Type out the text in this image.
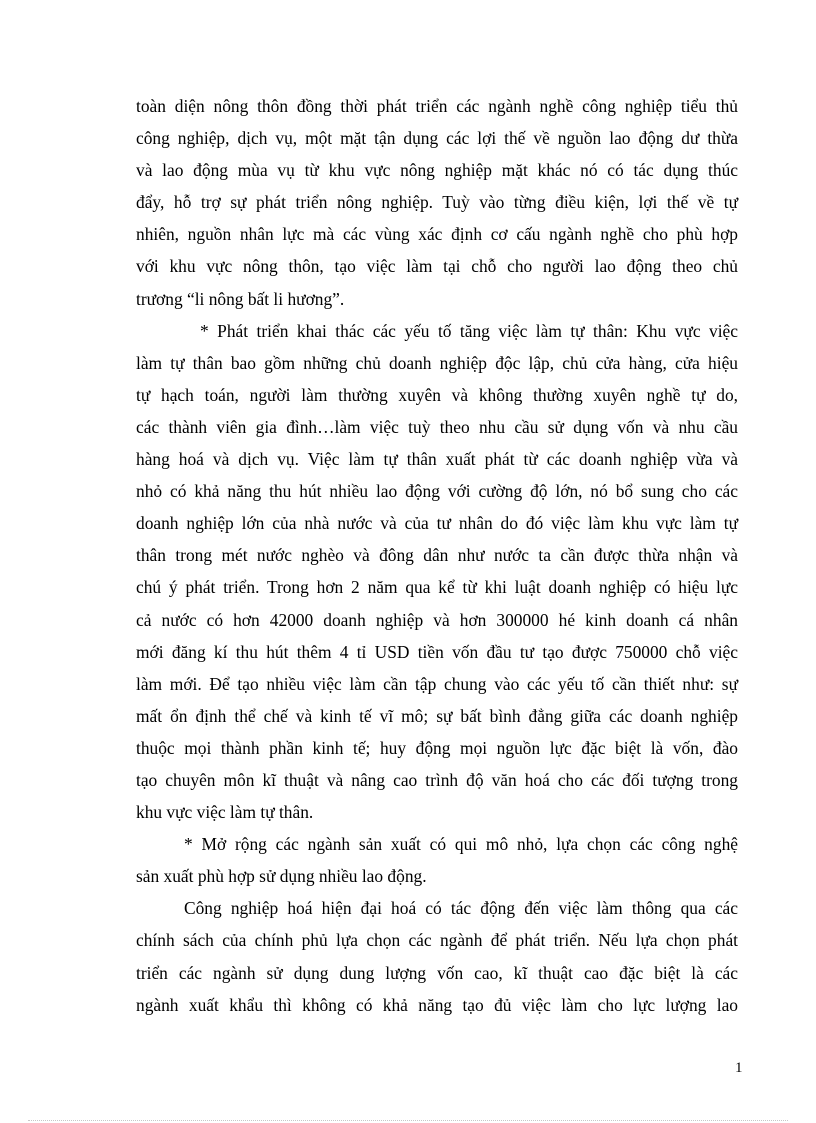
toàn diện nông thôn đồng thời phát triển các ngành nghề công nghiệp tiểu thủ
công nghiệp, dịch vụ, một mặt tận dụng các lợi thế về nguồn lao động dư thừa
và lao động mùa vụ từ khu vực nông nghiệp mặt khác nó có tác dụng thúc
đẩy, hỗ trợ sự phát triển nông nghiệp. Tuỳ vào từng điều kiện, lợi thế về tự
nhiên, nguồn nhân lực mà các vùng xác định cơ cấu ngành nghề cho phù hợp
với khu vực nông thôn, tạo việc làm tại chỗ cho người lao động theo chủ
trương “li nông bất li hương”.

* Phát triển khai thác các yếu tố tăng việc làm tự thân: Khu vực việc
làm tự thân bao gồm những chủ doanh nghiệp độc lập, chủ cửa hàng, cửa hiệu
tự hạch toán, người làm thường xuyên và không thường xuyên nghề tự do,
các thành viên gia đình…làm việc tuỳ theo nhu cầu sử dụng vốn và nhu cầu
hàng hoá và dịch vụ. Việc làm tự thân xuất phát từ các doanh nghiệp vừa và
nhỏ có khả năng thu hút nhiều lao động với cường độ lớn, nó bổ sung cho các
doanh nghiệp lớn của nhà nước và của tư nhân do đó việc làm khu vực làm tự
thân trong mét nước nghèo và đông dân như nước ta cần được thừa nhận và
chú ý phát triển. Trong hơn 2 năm qua kể từ khi luật doanh nghiệp có hiệu lực
cả nước có hơn 42000 doanh nghiệp và hơn 300000 hé kinh doanh cá nhân
mới đăng kí thu hút thêm 4 tỉ USD tiền vốn đầu tư tạo được 750000 chỗ việc
làm mới. Để tạo nhiều việc làm cần tập chung vào các yếu tố cần thiết như: sự
mất ổn định thể chế và kinh tế vĩ mô; sự bất bình đẳng giữa các doanh nghiệp
thuộc mọi thành phần kinh tế; huy động mọi nguồn lực đặc biệt là vốn, đào
tạo chuyên môn kĩ thuật và nâng cao trình độ văn hoá cho các đối tượng trong
khu vực việc làm tự thân.

* Mở rộng các ngành sản xuất có qui mô nhỏ, lựa chọn các công nghệ
sản xuất phù hợp sử dụng nhiều lao động.

Công nghiệp hoá hiện đại hoá có tác động đến việc làm thông qua các
chính sách của chính phủ lựa chọn các ngành để phát triển. Nếu lựa chọn phát
triển các ngành sử dụng dung lượng vốn cao, kĩ thuật cao đặc biệt là các
ngành xuất khẩu thì không có khả năng tạo đủ việc làm cho lực lượng lao

1
